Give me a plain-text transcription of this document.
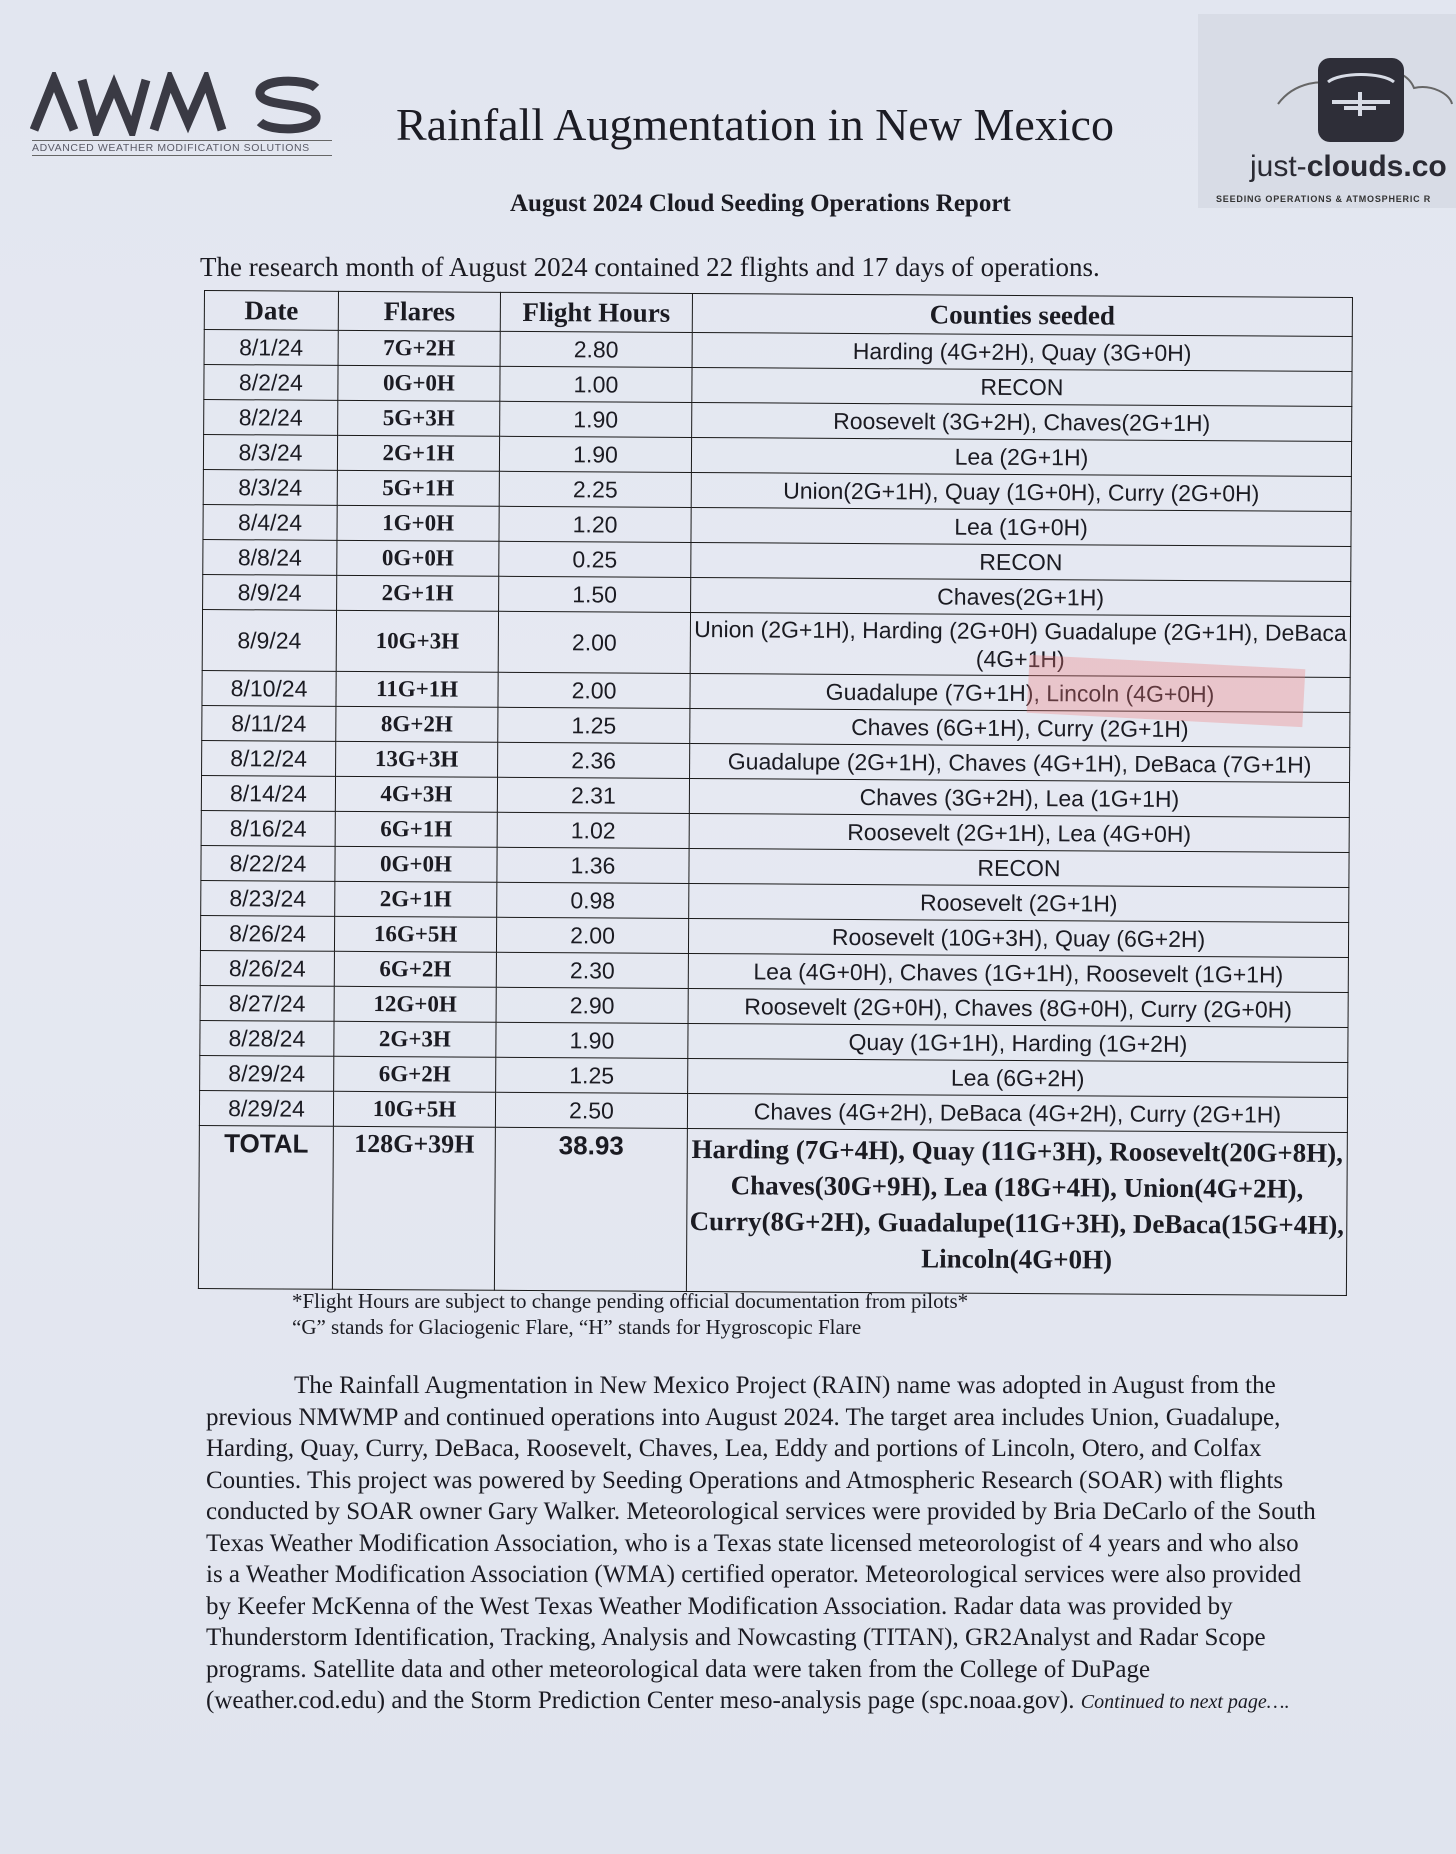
ADVANCED WEATHER MODIFICATION SOLUTIONS	Rainfall Augmentation in New Mexico
just-clouds.co
SEEDING OPERATIONS & ATMOSPHERIC R
August 2024 Cloud Seeding Operations Report
The research month of August 2024 contained 22 flights and 17 days of operations.
Date	Flares	Flight Hours	Counties seeded
8/1/24	7G+2H	2.80	Harding (4G+2H), Quay (3G+0H)
8/2/24	0G+0H	1.00	RECON
8/2/24	5G+3H	1.90	Roosevelt (3G+2H), Chaves(2G+1H)
8/3/24	2G+1H	1.90	Lea (2G+1H)
8/3/24	5G+1H	2.25	Union(2G+1H), Quay (1G+0H), Curry (2G+0H)
8/4/24	1G+0H	1.20	Lea (1G+0H)
8/8/24	0G+0H	0.25	RECON
8/9/24	2G+1H	1.50	Chaves(2G+1H)
8/9/24	10G+3H	2.00	Union (2G+1H), Harding (2G+0H) Guadalupe (2G+1H), DeBaca (4G+1H)
8/10/24	11G+1H	2.00	Guadalupe (7G+1H), Lincoln (4G+0H)
8/11/24	8G+2H	1.25	Chaves (6G+1H), Curry (2G+1H)
8/12/24	13G+3H	2.36	Guadalupe (2G+1H), Chaves (4G+1H), DeBaca (7G+1H)
8/14/24	4G+3H	2.31	Chaves (3G+2H), Lea (1G+1H)
8/16/24	6G+1H	1.02	Roosevelt (2G+1H), Lea (4G+0H)
8/22/24	0G+0H	1.36	RECON
8/23/24	2G+1H	0.98	Roosevelt (2G+1H)
8/26/24	16G+5H	2.00	Roosevelt (10G+3H), Quay (6G+2H)
8/26/24	6G+2H	2.30	Lea (4G+0H), Chaves (1G+1H), Roosevelt (1G+1H)
8/27/24	12G+0H	2.90	Roosevelt (2G+0H), Chaves (8G+0H), Curry (2G+0H)
8/28/24	2G+3H	1.90	Quay (1G+1H), Harding (1G+2H)
8/29/24	6G+2H	1.25	Lea (6G+2H)
8/29/24	10G+5H	2.50	Chaves (4G+2H), DeBaca (4G+2H), Curry (2G+1H)
TOTAL	128G+39H	38.93	Harding (7G+4H), Quay (11G+3H), Roosevelt(20G+8H), Chaves(30G+9H), Lea (18G+4H), Union(4G+2H), Curry(8G+2H), Guadalupe(11G+3H), DeBaca(15G+4H), Lincoln(4G+0H)
*Flight Hours are subject to change pending official documentation from pilots*
“G” stands for Glaciogenic Flare, “H” stands for Hygroscopic Flare
The Rainfall Augmentation in New Mexico Project (RAIN) name was adopted in August from the previous NMWMP and continued operations into August 2024. The target area includes Union, Guadalupe, Harding, Quay, Curry, DeBaca, Roosevelt, Chaves, Lea, Eddy and portions of Lincoln, Otero, and Colfax Counties. This project was powered by Seeding Operations and Atmospheric Research (SOAR) with flights conducted by SOAR owner Gary Walker. Meteorological services were provided by Bria DeCarlo of the South Texas Weather Modification Association, who is a Texas state licensed meteorologist of 4 years and who also is a Weather Modification Association (WMA) certified operator. Meteorological services were also provided by Keefer McKenna of the West Texas Weather Modification Association. Radar data was provided by Thunderstorm Identification, Tracking, Analysis and Nowcasting (TITAN), GR2Analyst and Radar Scope programs. Satellite data and other meteorological data were taken from the College of DuPage (weather.cod.edu) and the Storm Prediction Center meso-analysis page (spc.noaa.gov). Continued to next page….
